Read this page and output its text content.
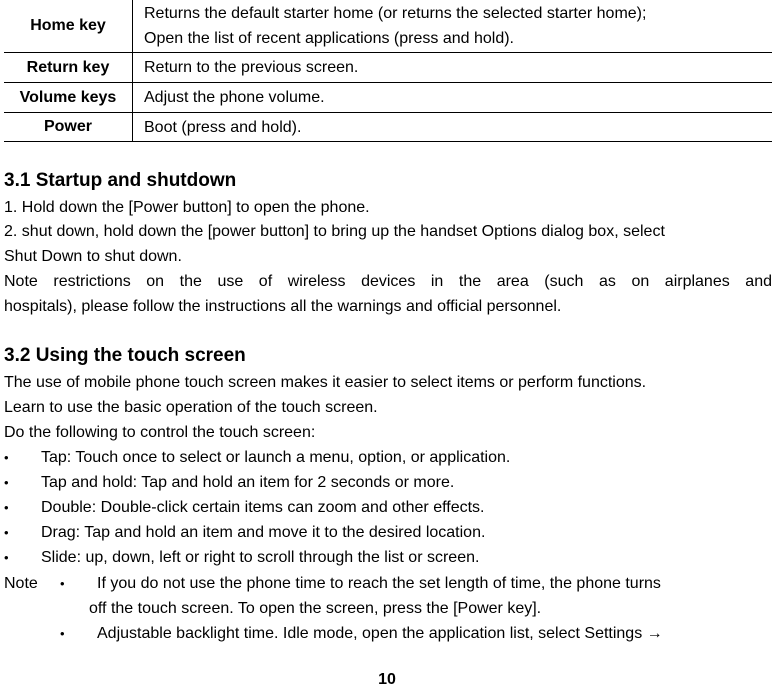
Home key	Returns the default starter home (or returns the selected starter home);
Open the list of recent applications (press and hold).

Return key	Return to the previous screen.
Volume keys	Adjust the phone volume.
Power	Boot (press and hold).
3.1 Startup and shutdown
1. Hold down the [Power button] to open the phone.
2. shut down, hold down the [power button] to bring up the handset Options dialog box, select
Shut Down to shut down.
Note restrictions on the use of wireless devices in the area (such as on airplanes and
hospitals), please follow the instructions all the warnings and official personnel.
3.2 Using the touch screen
The use of mobile phone touch screen makes it easier to select items or perform functions.
Learn to use the basic operation of the touch screen.
Do the following to control the touch screen:
•Tap: Touch once to select or launch a menu, option, or application.
•Tap and hold: Tap and hold an item for 2 seconds or more.
•Double: Double-click certain items can zoom and other effects.
•Drag: Tap and hold an item and move it to the desired location.
•Slide: up, down, left or right to scroll through the list or screen.
Note •	If you do not use the phone time to reach the set length of time, the phone turns
off the touch screen. To open the screen, press the [Power key].
•Adjustable backlight time. Idle mode, open the application list, select Settings →
10
